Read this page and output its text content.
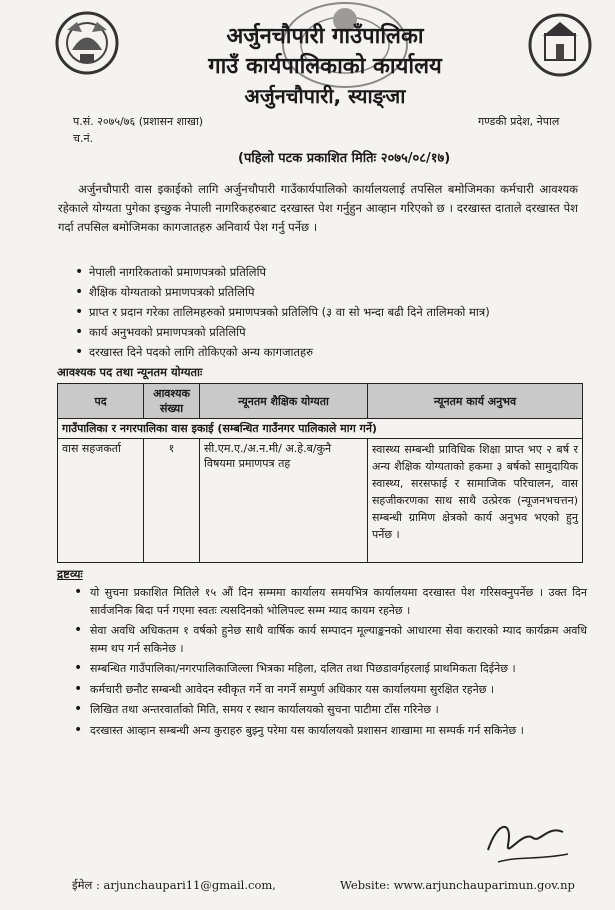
अर्जुनचौपारी गाउँपालिका
गाउँ कार्यपालिकाको कार्यालय
अर्जुनचौपारी, स्याङ्जा
प.सं. २०७५/७६ (प्रशासन शाखा)
च.नं.
गण्डकी प्रदेश, नेपाल
(पहिलो पटक प्रकाशित मितिः २०७५/०८/१७)
अर्जुनचौपारी वास इकाईको लागि अर्जुनचौपारी गाउँकार्यपालिको कार्यालयलाई तपसिल बमोजिमका कर्मचारी आवश्यक रहेकाले योग्यता पुगेका इच्छुक नेपाली नागरिकहरुबाट दरखास्त पेश गर्नुहुन आव्हान गरिएको छ । दरखास्त दाताले दरखास्त पेश गर्दा तपसिल बमोजिमका कागजातहरु अनिवार्य पेश गर्नु पर्नेछ ।
• नेपाली नागरिकताको प्रमाणपत्रको प्रतिलिपि
• शैक्षिक योग्यताको प्रमाणपत्रको प्रतिलिपि
• प्राप्त र प्रदान गरेका तालिमहरुको प्रमाणपत्रको प्रतिलिपि (३ वा सो भन्दा बढी दिने तालिमको मात्र)
• कार्य अनुभवको प्रमाणपत्रको प्रतिलिपि
• दरखास्त दिने पदको लागि तोकिएको अन्य कागजातहरु
आवश्यक पद तथा न्यूनतम योग्यताः
पद	आवश्यक संख्या	न्यूनतम शैक्षिक योग्यता	न्यूनतम कार्य अनुभव
गाउँपालिका र नगरपालिका वास इकाई (सम्बन्धित गाउँनगर पालिकाले माग गर्ने)			
वास सहजकर्ता	१	सी.एम.ए./अ.न.मी/ अ.हे.ब/कुनै विषयमा प्रमाणपत्र तह	स्वास्थ्य सम्बन्धी प्राविधिक शिक्षा प्राप्त भए २ बर्ष र अन्य शैक्षिक योग्यताको हकमा ३ बर्षको सामुदायिक स्वास्थ्य, सरसफाई र सामाजिक परिचालन, वास सहजीकरणका साथ साथै उत्प्रेरक (न्यूजनभचत्तन) सम्बन्धी ग्रामिण क्षेत्रको कार्य अनुभव भएको हुनु पर्नेछ ।
द्रष्टव्यः
• यो सुचना प्रकाशित मितिले १५ औं दिन सम्ममा कार्यालय समयभित्र कार्यालयमा दरखास्त पेश गरिसक्नुपर्नेछ । उक्त दिन सार्वजनिक बिदा पर्न गएमा स्वतः त्यसदिनको भोलिपल्ट सम्म म्याद कायम रहनेछ ।
• सेवा अवधि अधिकतम १ वर्षको हुनेछ साथै वार्षिक कार्य सम्पादन मूल्याङ्कनको आधारमा सेवा करारको म्याद कार्यक्रम अवधि सम्म थप गर्न सकिनेछ ।
• सम्बन्धित गाउँपालिका/नगरपालिकाजिल्ला भित्रका महिला, दलित तथा पिछडावर्गहरलाई प्राथमिकता दिईनेछ ।
• कर्मचारी छनौट सम्बन्धी आवेदन स्वीकृत गर्ने वा नगर्ने सम्पुर्ण अधिकार यस कार्यालयमा सुरक्षित रहनेछ ।
• लिखित तथा अन्तरवार्ताको मिति, समय र स्थान कार्यालयको सुचना पाटीमा टाँस गरिनेछ ।
• दरखास्त आव्हान सम्बन्धी अन्य कुराहरु बुझ्नु परेमा यस कार्यालयको प्रशासन शाखामा मा सम्पर्क गर्न सकिनेछ ।
ईमेल : arjunchaupari11@gmail.com,	Website: www.arjunchauparimun.gov.np
